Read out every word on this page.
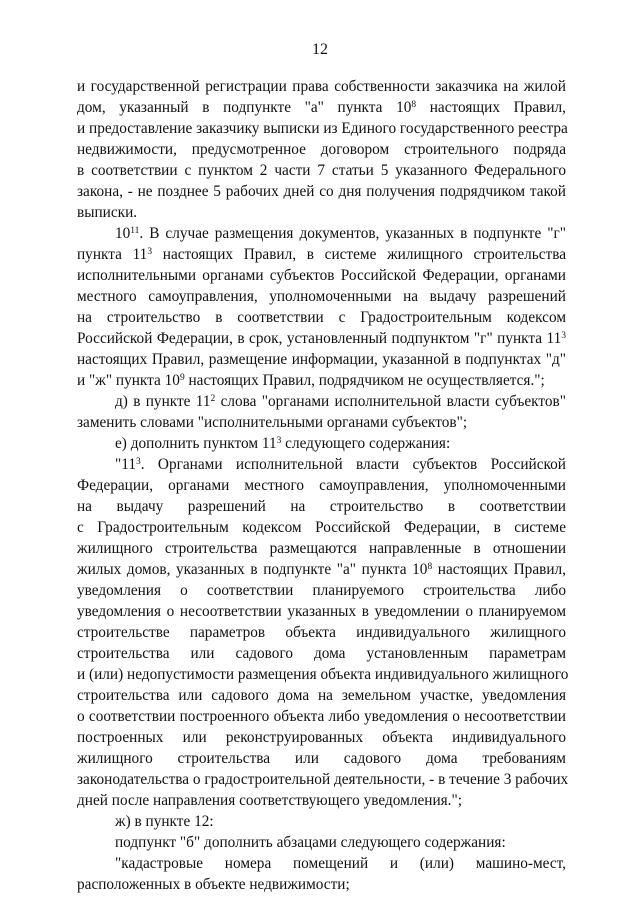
12
и государственной регистрации права собственности заказчика на жилой
дом, указанный в подпункте "а" пункта $10^8$ настоящих Правил,
и предоставление заказчику выписки из Единого государственного реестра
недвижимости, предусмотренное договором строительного подряда
в соответствии с пунктом 2 части 7 статьи 5 указанного Федерального
закона, - не позднее 5 рабочих дней со дня получения подрядчиком такой
выписки.
$10^{11}$. В случае размещения документов, указанных в подпункте "г"
пункта $11^3$ настоящих Правил, в системе жилищного строительства
исполнительными органами субъектов Российской Федерации, органами
местного самоуправления, уполномоченными на выдачу разрешений
на строительство в соответствии с Градостроительным кодексом
Российской Федерации, в срок, установленный подпунктом "г" пункта $11^3$
настоящих Правил, размещение информации, указанной в подпунктах "д"
и "ж" пункта $10^9$ настоящих Правил, подрядчиком не осуществляется.";
д) в пункте $11^2$ слова "органами исполнительной власти субъектов"
заменить словами "исполнительными органами субъектов";
е) дополнить пунктом $11^3$ следующего содержания:
"$11^3$. Органами исполнительной власти субъектов Российской
Федерации, органами местного самоуправления, уполномоченными
на выдачу разрешений на строительство в соответствии
с Градостроительным кодексом Российской Федерации, в системе
жилищного строительства размещаются направленные в отношении
жилых домов, указанных в подпункте "а" пункта $10^8$ настоящих Правил,
уведомления о соответствии планируемого строительства либо
уведомления о несоответствии указанных в уведомлении о планируемом
строительстве параметров объекта индивидуального жилищного
строительства или садового дома установленным параметрам
и (или) недопустимости размещения объекта индивидуального жилищного
строительства или садового дома на земельном участке, уведомления
о соответствии построенного объекта либо уведомления о несоответствии
построенных или реконструированных объекта индивидуального
жилищного строительства или садового дома требованиям
законодательства о градостроительной деятельности, - в течение 3 рабочих
дней после направления соответствующего уведомления.";
ж) в пункте 12:
подпункт "б" дополнить абзацами следующего содержания:
"кадастровые номера помещений и (или) машино-мест,
расположенных в объекте недвижимости;
